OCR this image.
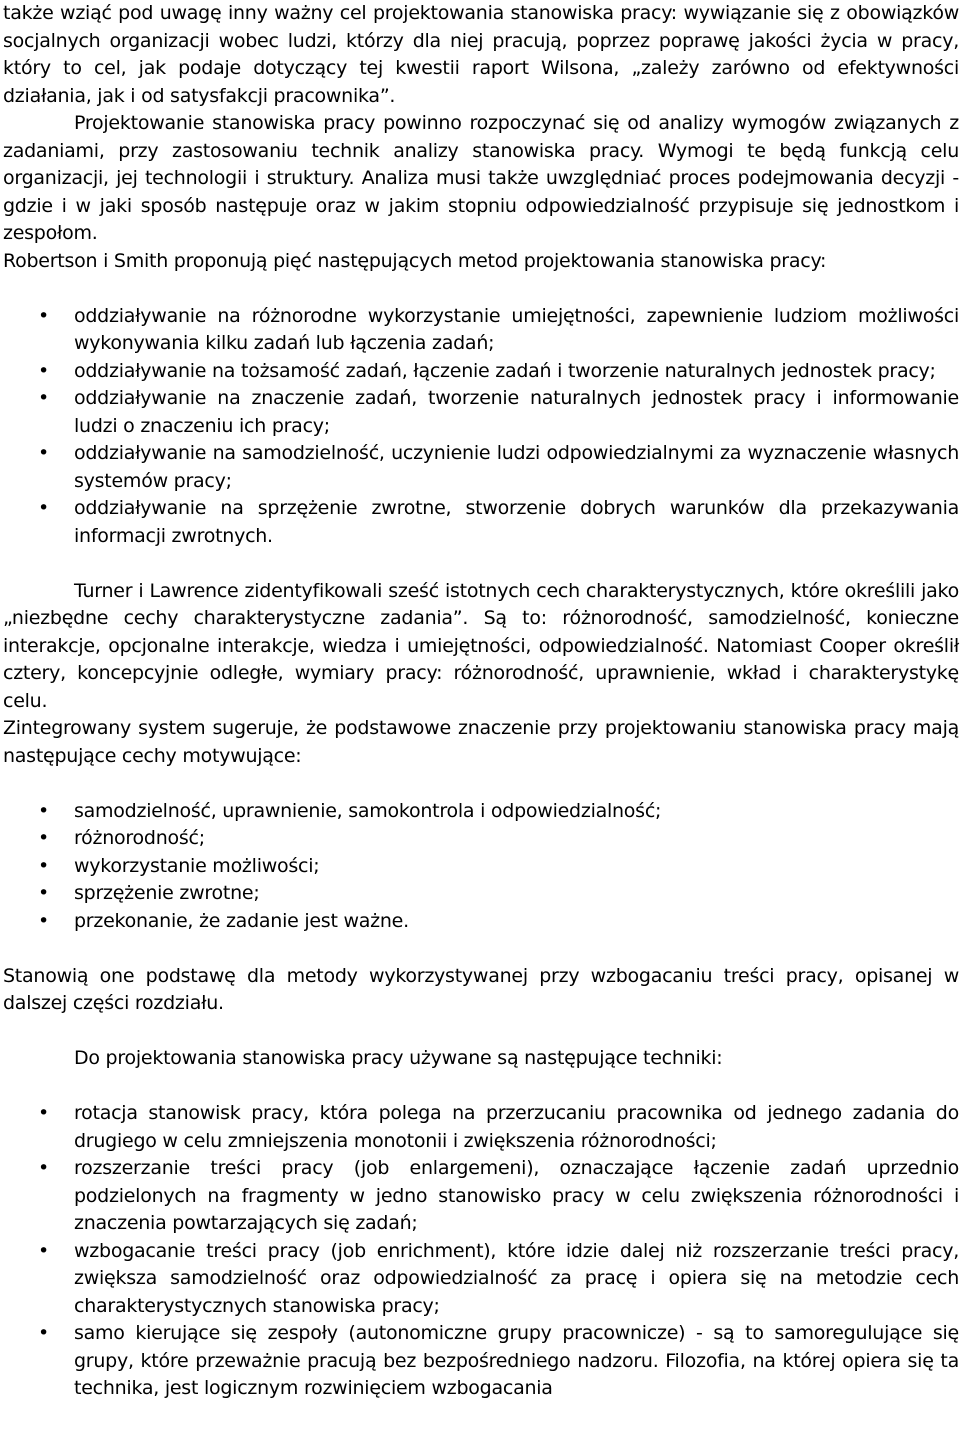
także wziąć pod uwagę inny ważny cel projektowania stanowiska pracy: wywiązanie się z obowiązków socjalnych organizacji wobec ludzi, którzy dla niej pracują, poprzez poprawę jakości życia w pracy, który to cel, jak podaje dotyczący tej kwestii raport Wilsona, „zależy zarówno od efektywności działania, jak i od satysfakcji pracownika”.

Projektowanie stanowiska pracy powinno rozpoczynać się od analizy wymogów związanych z zadaniami, przy zastosowaniu technik analizy stanowiska pracy. Wymogi te będą funkcją celu organizacji, jej technologii i struktury. Analiza musi także uwzględniać proces podejmowania decyzji - gdzie i w jaki sposób następuje oraz w jakim stopniu odpowiedzialność przypisuje się jednostkom i zespołom.

Robertson i Smith proponują pięć następujących metod projektowania stanowiska pracy:

• oddziaływanie na różnorodne wykorzystanie umiejętności, zapewnienie ludziom możliwości wykonywania kilku zadań lub łączenia zadań;
• oddziaływanie na tożsamość zadań, łączenie zadań i tworzenie naturalnych jednostek pracy;
• oddziaływanie na znaczenie zadań, tworzenie naturalnych jednostek pracy i informowanie ludzi o znaczeniu ich pracy;
• oddziaływanie na samodzielność, uczynienie ludzi odpowiedzialnymi za wyznaczenie własnych systemów pracy;
• oddziaływanie na sprzężenie zwrotne, stworzenie dobrych warunków dla przekazywania informacji zwrotnych.

Turner i Lawrence zidentyfikowali sześć istotnych cech charakterystycznych, które określili jako „niezbędne cechy charakterystyczne zadania”. Są to: różnorodność, samodzielność, konieczne interakcje, opcjonalne interakcje, wiedza i umiejętności, odpowiedzialność. Natomiast Cooper określił cztery, koncepcyjnie odległe, wymiary pracy: różnorodność, uprawnienie, wkład i charakterystykę celu.

Zintegrowany system sugeruje, że podstawowe znaczenie przy projektowaniu stanowiska pracy mają następujące cechy motywujące:

• samodzielność, uprawnienie, samokontrola i odpowiedzialność;
• różnorodność;
• wykorzystanie możliwości;
• sprzężenie zwrotne;
• przekonanie, że zadanie jest ważne.

Stanowią one podstawę dla metody wykorzystywanej przy wzbogacaniu treści pracy, opisanej w dalszej części rozdziału.

Do projektowania stanowiska pracy używane są następujące techniki:

• rotacja stanowisk pracy, która polega na przerzucaniu pracownika od jednego zadania do drugiego w celu zmniejszenia monotonii i zwiększenia różnorodności;
• rozszerzanie treści pracy (job enlargemeni), oznaczające łączenie zadań uprzednio podzielonych na fragmenty w jedno stanowisko pracy w celu zwiększenia różnorodności i znaczenia powtarzających się zadań;
• wzbogacanie treści pracy (job enrichment), które idzie dalej niż rozszerzanie treści pracy, zwiększa samodzielność oraz odpowiedzialność za pracę i opiera się na metodzie cech charakterystycznych stanowiska pracy;
• samo kierujące się zespoły (autonomiczne grupy pracownicze) - są to samoregulujące się grupy, które przeważnie pracują bez bezpośredniego nadzoru. Filozofia, na której opiera się ta technika, jest logicznym rozwinięciem wzbogacania
